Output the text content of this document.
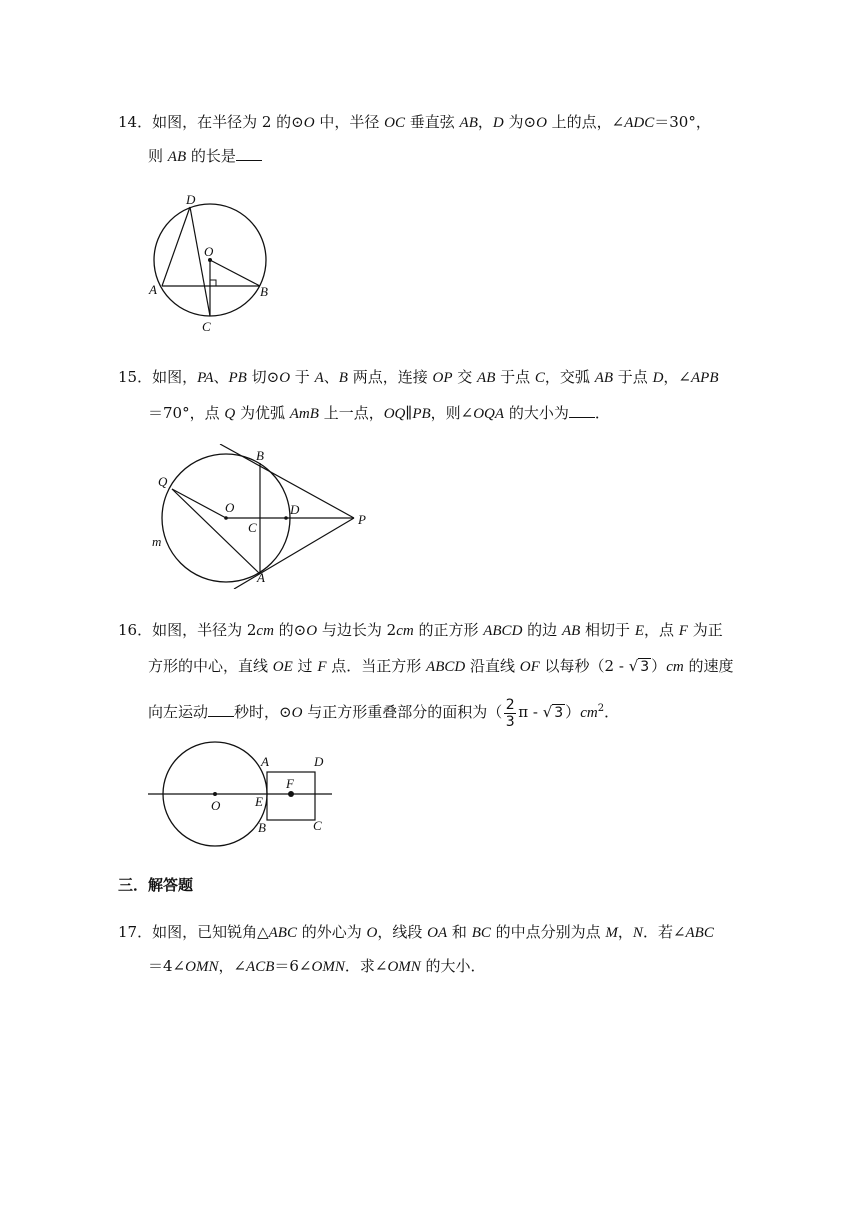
14．如图，在半径为 2 的⊙O 中，半径 OC 垂直弦 AB，D 为⊙O 上的点，∠ADC＝30°，
则 AB 的长是
D
O
A	B
C
15．如图，PA、PB 切⊙O 于 A、B 两点，连接 OP 交 AB 于点 C，交弧 AB 于点 D，∠APB
＝70°，点 Q 为优弧 AmB 上一点，OQ∥PB，则∠OQA 的大小为 ．
B
Q
O
C
D
P
m
A
16．如图，半径为 2cm 的⊙O 与边长为 2cm 的正方形 ABCD 的边 AB 相切于 E，点 F 为正
方形的中心，直线 OE 过 F 点．当正方形 ABCD 沿直线 OF 以每秒（2 - √ 3 ）cm 的速度
向左运动 秒时，⊙O 与正方形重叠部分的面积为（ $\frac{2}{3}$ π - √ 3 ）$cm^2$．
A	D
F
O	E
B	C
三．解答题
17．如图，已知锐角△ABC 的外心为 O，线段 OA 和 BC 的中点分别为点 M，N．若∠ABC
＝4∠OMN，∠ACB＝6∠OMN．求∠OMN 的大小．
